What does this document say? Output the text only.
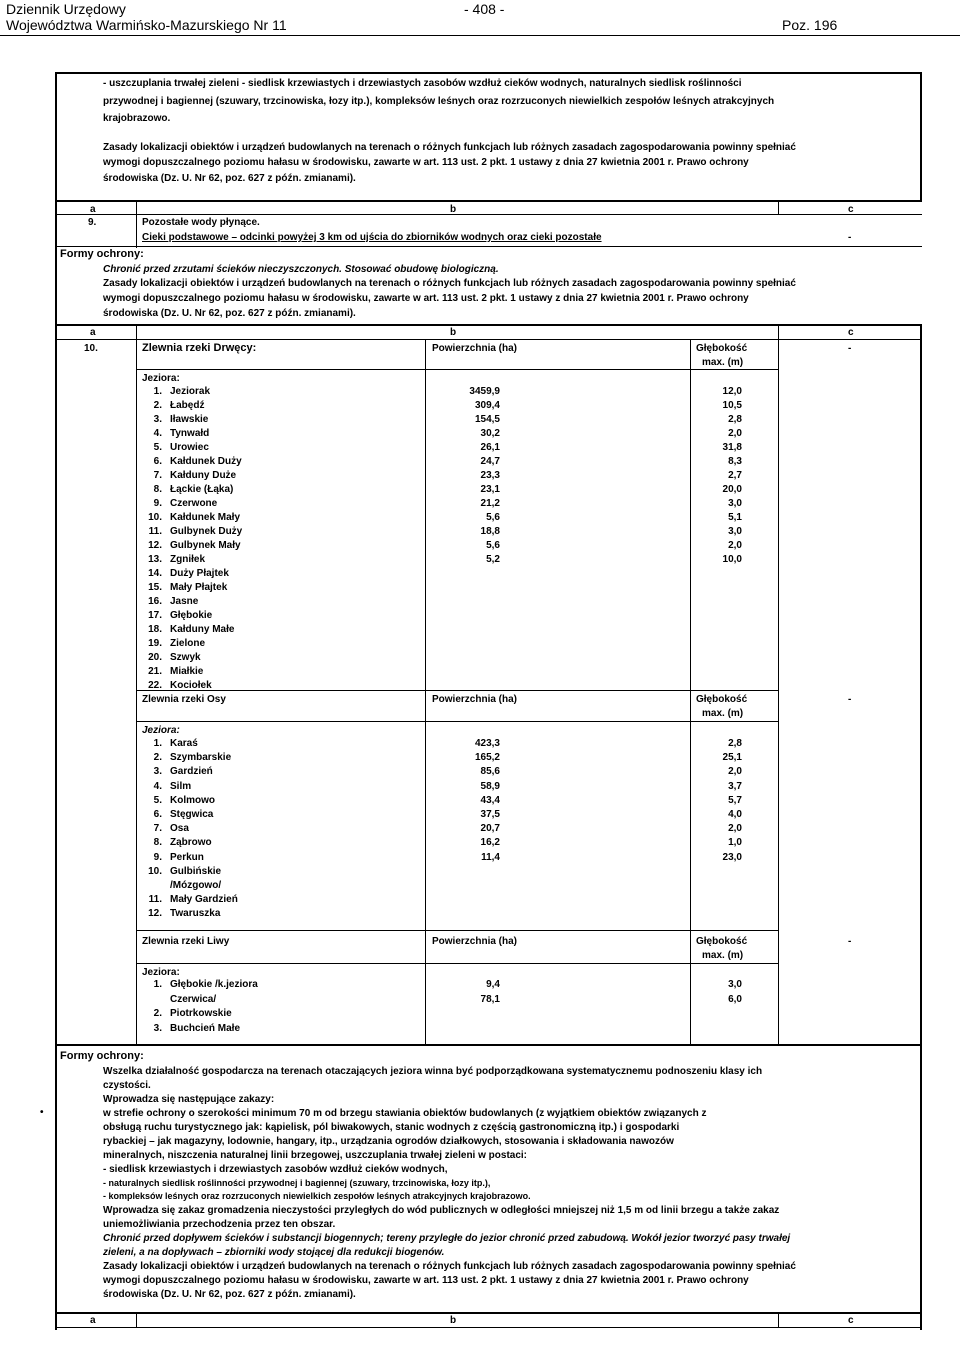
Dziennik Urzędowy
Województwa Warmińsko-Mazurskiego Nr 11
- 408 -
Poz. 196
- uszczuplania trwałej zieleni - siedlisk krzewiastych i drzewiastych zasobów wzdłuż cieków wodnych, naturalnych siedlisk roślinności
przywodnej i bagiennej (szuwary, trzcinowiska, łozy itp.), kompleksów leśnych oraz rozrzuconych niewielkich zespołów leśnych atrakcyjnych
krajobrazowo.
Zasady lokalizacji obiektów i urządzeń budowlanych na terenach o różnych funkcjach lub różnych zasadach zagospodarowania powinny spełniać
wymogi dopuszczalnego poziomu hałasu w środowisku, zawarte w art. 113 ust. 2 pkt. 1 ustawy z dnia 27 kwietnia 2001 r. Prawo ochrony
środowiska (Dz. U. Nr 62, poz. 627 z późn. zmianami).
a	b	c
9.	Pozostałe wody płynące.
Cieki podstawowe – odcinki powyżej 3 km od ujścia do zbiorników wodnych oraz cieki pozostałe	-
Formy ochrony:
Chronić przed zrzutami ścieków nieczyszczonych. Stosować obudowę biologiczną.
Zasady lokalizacji obiektów i urządzeń budowlanych na terenach o różnych funkcjach lub różnych zasadach zagospodarowania powinny spełniać
wymogi dopuszczalnego poziomu hałasu w środowisku, zawarte w art. 113 ust. 2 pkt. 1 ustawy z dnia 27 kwietnia 2001 r. Prawo ochrony
środowiska (Dz. U. Nr 62, poz. 627 z późn. zmianami).
a	b	c
10.	-
Zlewnia rzeki Drwęcy:	Powierzchnia (ha)	Głębokość
max. (m)
Jeziora:
1. Jeziorak	3459,9	12,0
2. Łabędź	309,4	10,5
3. Iławskie	154,5	2,8
4. Tynwałd	30,2	2,0
5. Urowiec	26,1	31,8
6. Kałdunek Duży	24,7	8,3
7. Kałduny Duże	23,3	2,7
8. Łąckie (Łąka)	23,1	20,0
9. Czerwone	21,2	3,0
10. Kałdunek Mały	5,6	5,1
11. Gulbynek Duży	18,8	3,0
12. Gulbynek Mały	5,6	2,0
13. Zgniłek	5,2	10,0
14. Duży Płajtek
15. Mały Płajtek
16. Jasne
17. Głębokie
18. Kałduny Małe
19. Zielone
20. Szwyk
21. Miałkie
22. Kociołek
Zlewnia rzeki Osy	Powierzchnia (ha)	Głębokość
max. (m)
-
Jeziora:
1. Karaś	423,3	2,8
2. Szymbarskie	165,2	25,1
3. Gardzień	85,6	2,0
4. Silm	58,9	3,7
5. Kolmowo	43,4	5,7
6. Stęgwica	37,5	4,0
7. Osa	20,7	2,0
8. Ząbrowo	16,2	1,0
9. Perkun	11,4	23,0
10. Gulbińskie
/Mózgowo/
11. Mały Gardzień
12. Twaruszka
Zlewnia rzeki Liwy	Powierzchnia (ha)	Głębokość
max. (m)
-
Jeziora:
1. Głębokie /k.jeziora	9,4	3,0
Czerwica/	78,1	6,0
2. Piotrkowskie
3. Buchcień Małe
Formy ochrony:
Wszelka działalność gospodarcza na terenach otaczających jeziora winna być podporządkowana systematycznemu podnoszeniu klasy ich
czystości.
Wprowadza się następujące zakazy:
•	w strefie ochrony o szerokości minimum 70 m od brzegu stawiania obiektów budowlanych (z wyjątkiem obiektów związanych z
obsługą ruchu turystycznego jak: kąpielisk, pól biwakowych, stanic wodnych z częścią gastronomiczną itp.) i gospodarki
rybackiej – jak magazyny, lodownie, hangary, itp., urządzania ogrodów działkowych, stosowania i składowania nawozów
mineralnych, niszczenia naturalnej linii brzegowej, uszczuplania trwałej zieleni w postaci:
- siedlisk krzewiastych i drzewiastych zasobów wzdłuż cieków wodnych,
- naturalnych siedlisk roślinności przywodnej i bagiennej (szuwary, trzcinowiska, łozy itp.),
- kompleksów leśnych oraz rozrzuconych niewielkich zespołów leśnych atrakcyjnych krajobrazowo.
Wprowadza się zakaz gromadzenia nieczystości przyległych do wód publicznych w odległości mniejszej niż 1,5 m od linii brzegu a także zakaz
uniemożliwiania przechodzenia przez ten obszar.
Chronić przed dopływem ścieków i substancji biogennych; tereny przyległe do jezior chronić przed zabudową. Wokół jezior tworzyć pasy trwałej
zieleni, a na dopływach – zbiorniki wody stojącej dla redukcji biogenów.
Zasady lokalizacji obiektów i urządzeń budowlanych na terenach o różnych funkcjach lub różnych zasadach zagospodarowania powinny spełniać
wymogi dopuszczalnego poziomu hałasu w środowisku, zawarte w art. 113 ust. 2 pkt. 1 ustawy z dnia 27 kwietnia 2001 r. Prawo ochrony
środowiska (Dz. U. Nr 62, poz. 627 z późn. zmianami).
a	b	c
